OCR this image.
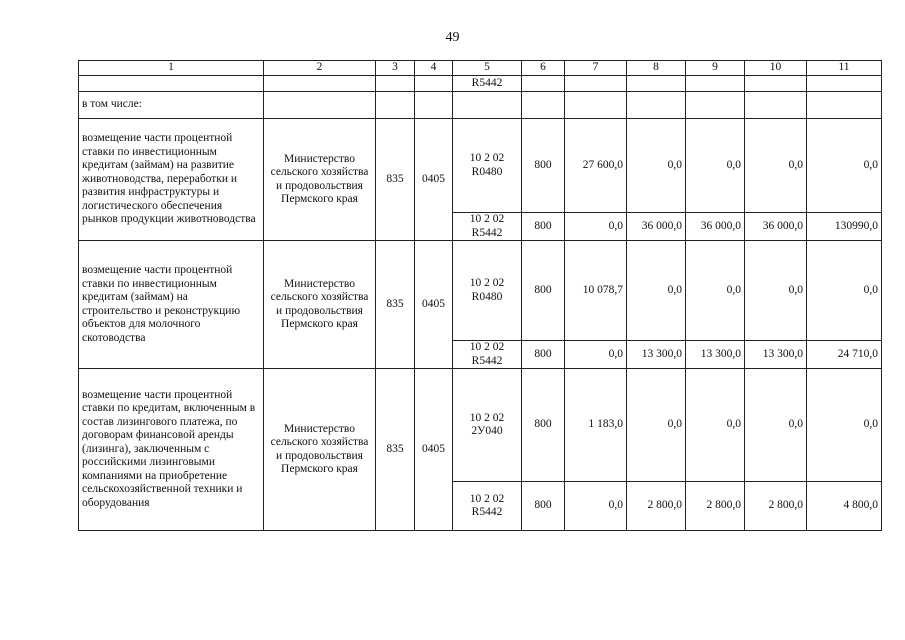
49
1	2	3	4	5	6	7	8	9	10	11
				R5442						
в том числе:										
возмещение части процентной ставки по инвестиционным кредитам (займам) на развитие животноводства, переработки и развития инфраструктуры и логистического обеспечения рынков продукции животноводства	Министерство сельского хозяйства и продовольствия Пермского края	835	0405	10 2 02
R0480	800	27 600,0	0,0	0,0	0,0	0,0

				10 2 02
R5442	800	0,0	36 000,0	36 000,0	36 000,0	130990,0
возмещение части процентной ставки по инвестиционным кредитам (займам) на строительство и реконструкцию объектов для молочного скотоводства	Министерство сельского хозяйства и продовольствия Пермского края	835	0405	10 2 02
R0480	800	10 078,7	0,0	0,0	0,0	0,0

				10 2 02
R5442	800	0,0	13 300,0	13 300,0	13 300,0	24 710,0
возмещение части процентной ставки по кредитам, включенным в состав лизингового платежа, по договорам финансовой аренды (лизинга), заключенным с российскими лизинговыми компаниями на приобретение сельскохозяйственной техники и оборудования	Министерство сельского хозяйства и продовольствия Пермского края	835	0405	10 2 02
2У040	800	1 183,0	0,0	0,0	0,0	0,0

				10 2 02
R5442	800	0,0	2 800,0	2 800,0	2 800,0	4 800,0
